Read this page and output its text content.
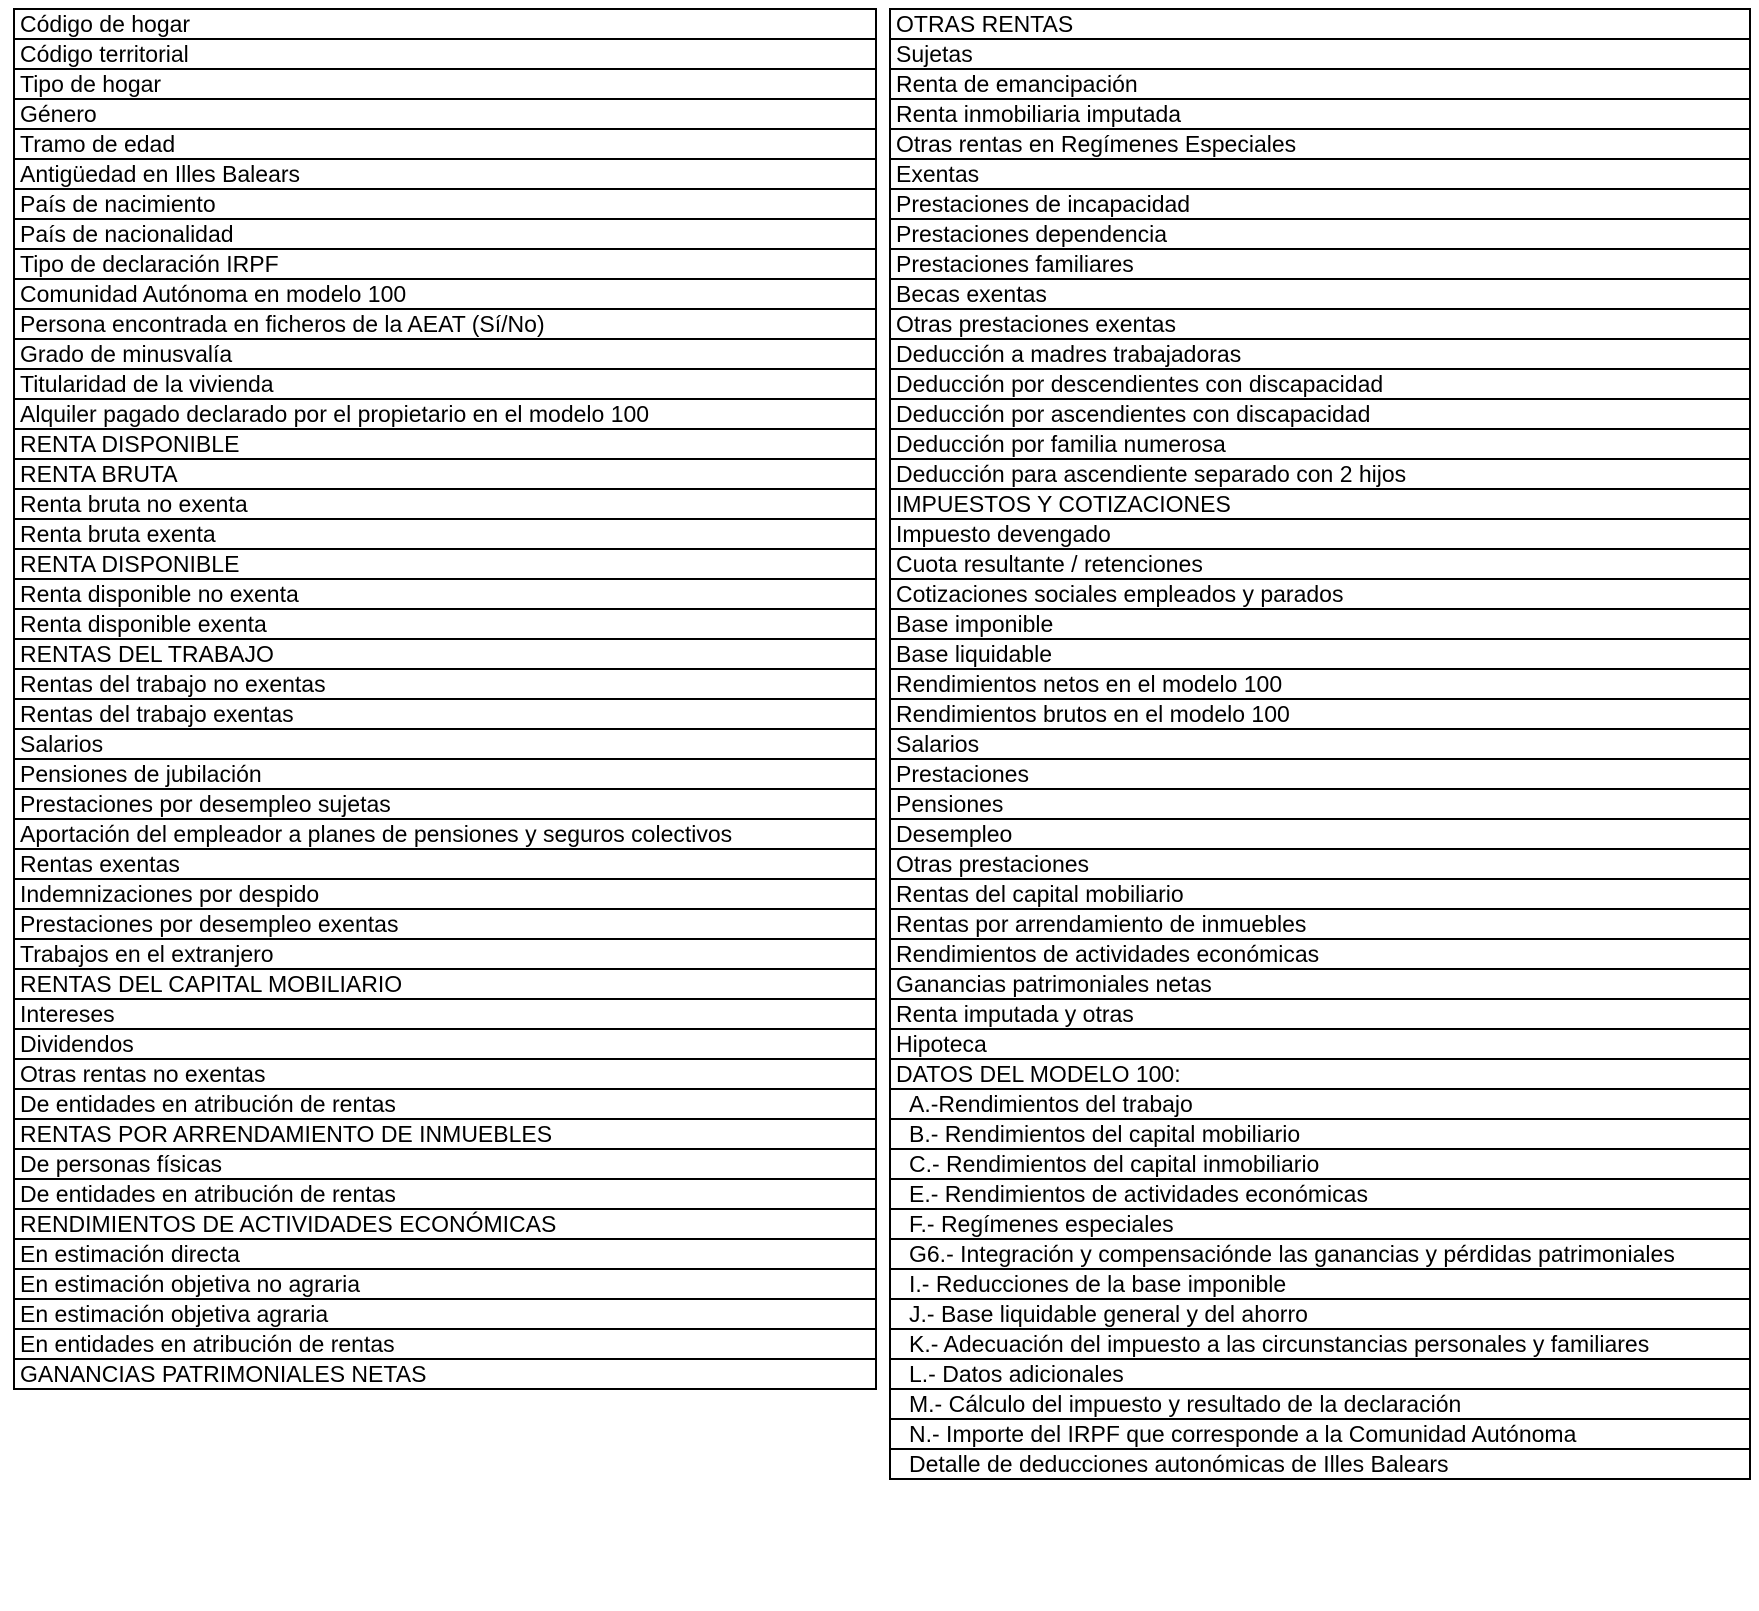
Código de hogar
Código territorial
Tipo de hogar
Género
Tramo de edad
Antigüedad en Illes Balears
País de nacimiento
País de nacionalidad
Tipo de declaración IRPF
Comunidad Autónoma en modelo 100
Persona encontrada en ficheros de la AEAT (Sí/No)
Grado de minusvalía
Titularidad de la vivienda
Alquiler pagado declarado por el propietario en el modelo 100
RENTA DISPONIBLE
RENTA BRUTA
Renta bruta no exenta
Renta bruta exenta
RENTA DISPONIBLE
Renta disponible no exenta
Renta disponible exenta
RENTAS DEL TRABAJO
Rentas del trabajo no exentas
Rentas del trabajo exentas
Salarios
Pensiones de jubilación
Prestaciones por desempleo sujetas
Aportación del empleador a planes de pensiones y seguros colectivos
Rentas exentas
Indemnizaciones por despido
Prestaciones por desempleo exentas
Trabajos en el extranjero
RENTAS DEL CAPITAL MOBILIARIO
Intereses
Dividendos
Otras rentas no exentas
De entidades en atribución de rentas
RENTAS POR ARRENDAMIENTO DE INMUEBLES
De personas físicas
De entidades en atribución de rentas
RENDIMIENTOS DE ACTIVIDADES ECONÓMICAS
En estimación directa
En estimación objetiva no agraria
En estimación objetiva agraria
En entidades en atribución de rentas
GANANCIAS PATRIMONIALES NETAS
OTRAS RENTAS
Sujetas
Renta de emancipación
Renta inmobiliaria imputada
Otras rentas en Regímenes Especiales
Exentas
Prestaciones de incapacidad
Prestaciones dependencia
Prestaciones familiares
Becas exentas
Otras prestaciones exentas
Deducción a madres trabajadoras
Deducción por descendientes con discapacidad
Deducción por ascendientes con discapacidad
Deducción por familia numerosa
Deducción para ascendiente separado con 2 hijos
IMPUESTOS Y COTIZACIONES
Impuesto devengado
Cuota resultante / retenciones
Cotizaciones sociales empleados y parados
Base imponible
Base liquidable
Rendimientos netos en el modelo 100
Rendimientos brutos en el modelo 100
Salarios
Prestaciones
Pensiones
Desempleo
Otras prestaciones
Rentas del capital mobiliario
Rentas por arrendamiento de inmuebles
Rendimientos de actividades económicas
Ganancias patrimoniales netas
Renta imputada y otras
Hipoteca
DATOS DEL MODELO 100:
A.-Rendimientos del trabajo
B.- Rendimientos del capital mobiliario
C.- Rendimientos del capital inmobiliario
E.- Rendimientos de actividades económicas
F.- Regímenes especiales
G6.- Integración y compensaciónde las ganancias y pérdidas patrimoniales
I.- Reducciones de la base imponible
J.- Base liquidable general y del ahorro
K.- Adecuación del impuesto a las circunstancias personales y familiares
L.- Datos adicionales
M.- Cálculo del impuesto y resultado de la declaración
N.- Importe del IRPF que corresponde a la Comunidad Autónoma
Detalle de deducciones autonómicas de Illes Balears
